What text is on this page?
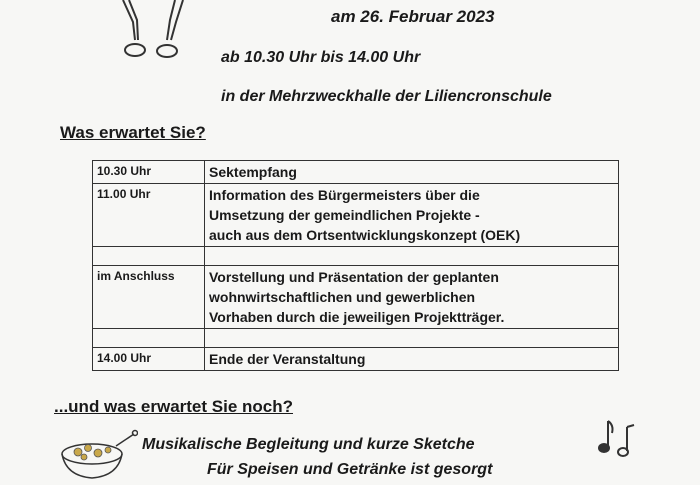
am 26. Februar 2023
ab 10.30 Uhr bis 14.00 Uhr
in der Mehrzweckhalle der Liliencronschule
Was erwartet Sie?
10.30 Uhr	Sektempfang

11.00 Uhr	Information des Bürgermeisters über die
Umsetzung der gemeindlichen Projekte -
auch aus dem Ortsentwicklungskonzept (OEK)

im Anschluss	Vorstellung und Präsentation der geplanten
wohnwirtschaftlichen und gewerblichen
Vorhaben durch die jeweiligen Projektträger.

14.00 Uhr	Ende der Veranstaltung
...und was erwartet Sie noch?
Musikalische Begleitung und kurze Sketche
Für Speisen und Getränke ist gesorgt
